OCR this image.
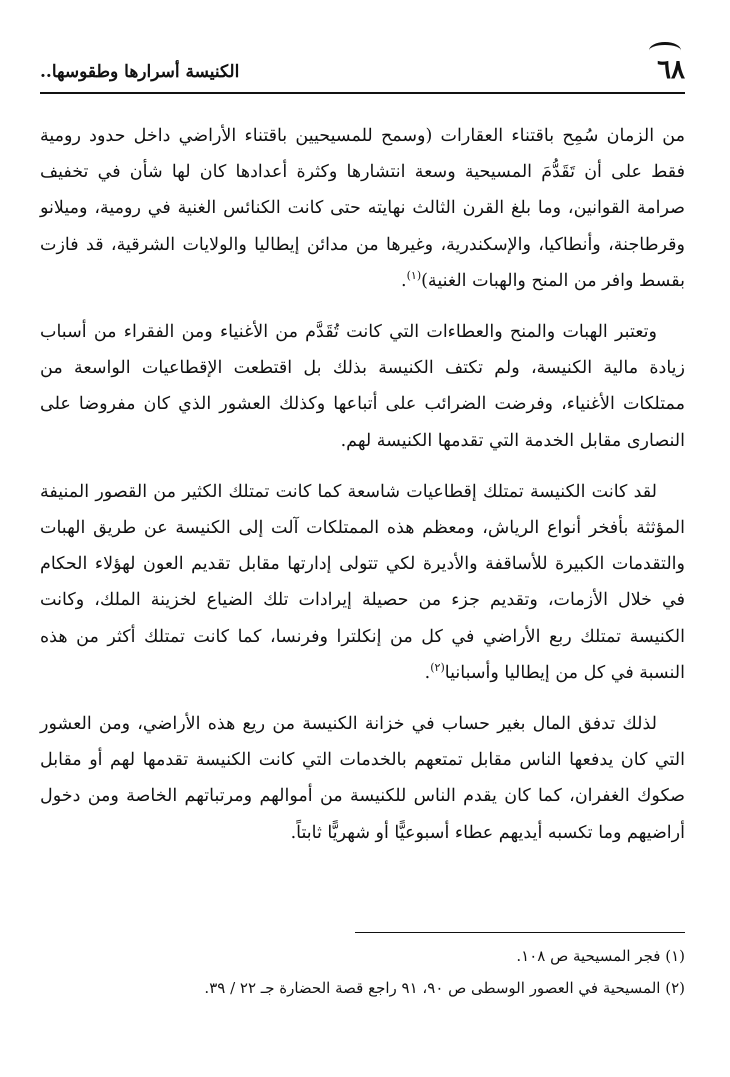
٦٨
الكنيسة أسرارها وطقوسها..

من الزمان سُمِح باقتناء العقارات (وسمح للمسيحيين باقتناء الأراضي داخل حدود رومية فقط على أن تَقَدُّمَ المسيحية وسعة انتشارها وكثرة أعدادها كان لها شأن في تخفيف صرامة القوانين، وما بلغ القرن الثالث نهايته حتى كانت الكنائس الغنية في رومية، وميلانو وقرطاجنة، وأنطاكيا، والإسكندرية، وغيرها من مدائن إيطاليا والولايات الشرقية، قد فازت بقسط وافر من المنح والهبات الغنية)$^{(١)}$.

وتعتبر الهبات والمنح والعطاءات التي كانت تُقَدَّم من الأغنياء ومن الفقراء من أسباب زيادة مالية الكنيسة، ولم تكتف الكنيسة بذلك بل اقتطعت الإقطاعيات الواسعة من ممتلكات الأغنياء، وفرضت الضرائب على أتباعها وكذلك العشور الذي كان مفروضا على النصارى مقابل الخدمة التي تقدمها الكنيسة لهم.

لقد كانت الكنيسة تمتلك إقطاعيات شاسعة كما كانت تمتلك الكثير من القصور المنيفة المؤثثة بأفخر أنواع الرياش، ومعظم هذه الممتلكات آلت إلى الكنيسة عن طريق الهبات والتقدمات الكبيرة للأساقفة والأديرة لكي تتولى إدارتها مقابل تقديم العون لهؤلاء الحكام في خلال الأزمات، وتقديم جزء من حصيلة إيرادات تلك الضياع لخزينة الملك، وكانت الكنيسة تمتلك ربع الأراضي في كل من إنكلترا وفرنسا، كما كانت تمتلك أكثر من هذه النسبة في كل من إيطاليا وأسبانيا$^{(٢)}$.

لذلك تدفق المال بغير حساب في خزانة الكنيسة من ريع هذه الأراضي، ومن العشور التي كان يدفعها الناس مقابل تمتعهم بالخدمات التي كانت الكنيسة تقدمها لهم أو مقابل صكوك الغفران، كما كان يقدم الناس للكنيسة من أموالهم ومرتباتهم الخاصة ومن دخول أراضيهم وما تكسبه أيديهم عطاء أسبوعيًّا أو شهريًّا ثابتاً.

(١) فجر المسيحية ص ١٠٨.

(٢) المسيحية في العصور الوسطى ص ٩٠، ٩١ راجع قصة الحضارة جـ ٢٢ / ٣٩.
